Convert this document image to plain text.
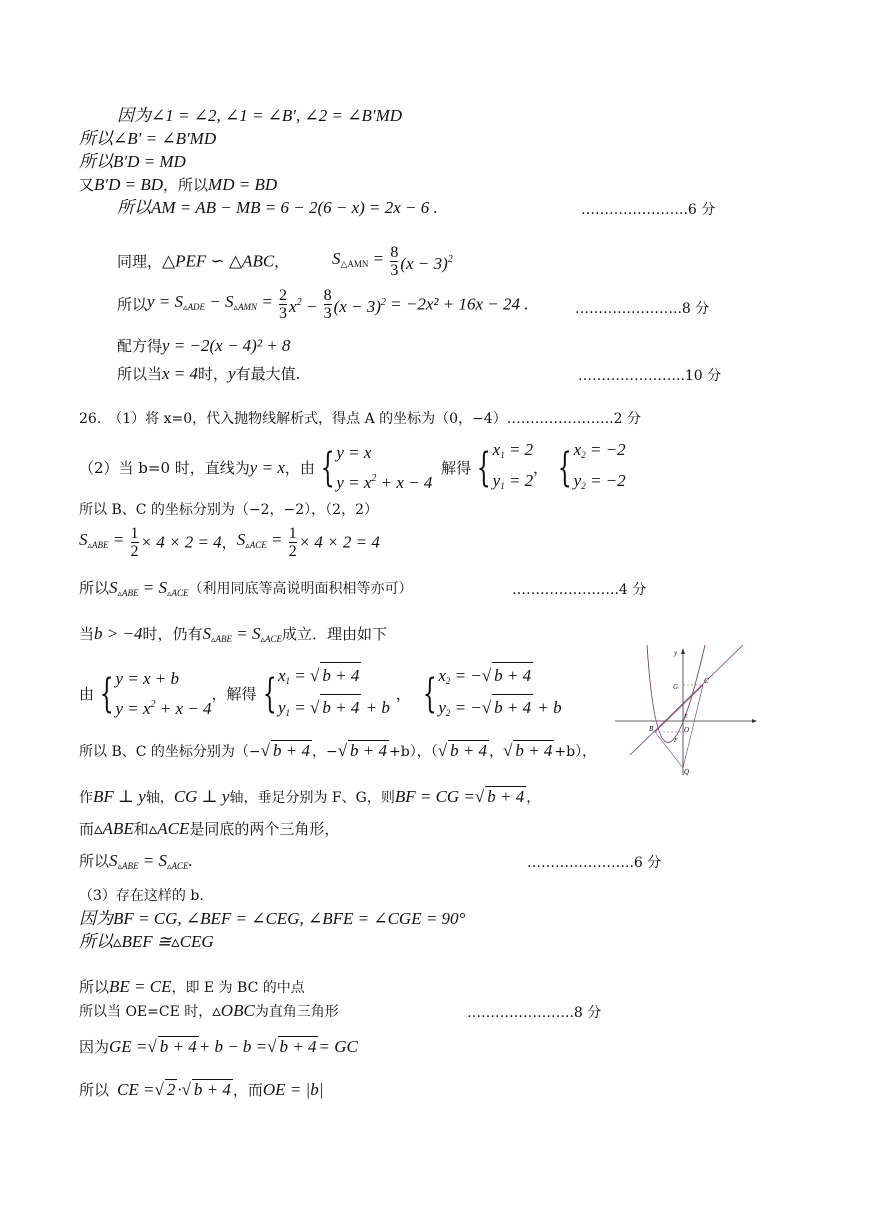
因为∠1 = ∠2, ∠1 = ∠B′, ∠2 = ∠B′MD
所以∠B′ = ∠B′MD
所以B′D = MD
又B′D = BD，所以MD = BD
所以AM = AB − MB = 6 − 2(6 − x) = 2x − 6 .	…………………..6 分
同理，△PEF ∽ △ABC，	$S_{\triangle AMN} = \frac{8}{3} (x - 3)^2$
所以$y = S_{▵ADE} - S_{▵AMN} = \frac{2}{3} x^2 - \frac{8}{3} (x - 3)^2 = -2x^2 + 16x - 24$ .	…………………..8 分
配方得y = −2(x − 4)² + 8
所以当x = 4时，y有最大值.	…………………..10 分
26.　（1）将 x=0，代入抛物线解析式，得点 A 的坐标为（0，−4）…………………..2 分
（2）当 b=0 时，直线为y = x，由 { y = x
$y = x^2 + x - 4$
解得 { $x_1 = 2$
$y_1 = 2$
， { $x_2 = -2$
$y_2 = -2$
所以 B、C 的坐标分别为（−2，−2），（2，2）
$S_{▵ABE} = \frac{1}{2} \times 4 \times 2 = 4$，$S_{▵ACE} = \frac{1}{2} \times 4 \times 2 = 4$
所以$S_{▵ABE} = S_{▵ACE}$（利用同底等高说明面积相等亦可）	…………………..4 分
当b > −4时，仍有$S_{▵ABE} = S_{▵ACE}$成立．理由如下
由 { y = x + b
$y = x^2 + x - 4$
，解得 { $x_1$ = √ b + 4
$y_1$ = √ b + 4 + b
， { $x_2$ = −√ b + 4
$y_2$ = −√ b + 4 + b
所以 B、C 的坐标分别为（−√ b + 4 ，−√ b + 4 +b），（√ b + 4 ，√ b + 4 +b），
作BF ⊥ y轴，CG ⊥ y轴，垂足分别为 F、G，则BF = CG =√ b + 4 ，
而▵ABE和▵ACE是同底的两个三角形，
所以$S_{▵ABE} = S_{▵ACE}$.	…………………..6 分
（3）存在这样的 b.
因为BF = CG, ∠BEF = ∠CEG, ∠BFE = ∠CGE = 90°
所以▵BEF ≅▵CEG
所以BE = CE，即 E 为 BC 的中点
所以当 OE=CE 时，▵OBC为直角三角形	…………………..8 分
因为GE =√ b + 4 + b − b =√ b + 4 = GC
所以 CE =√ 2 ·√ b + 4 ，而OE = |b|
y
G
C
B
E
O
F
Q
